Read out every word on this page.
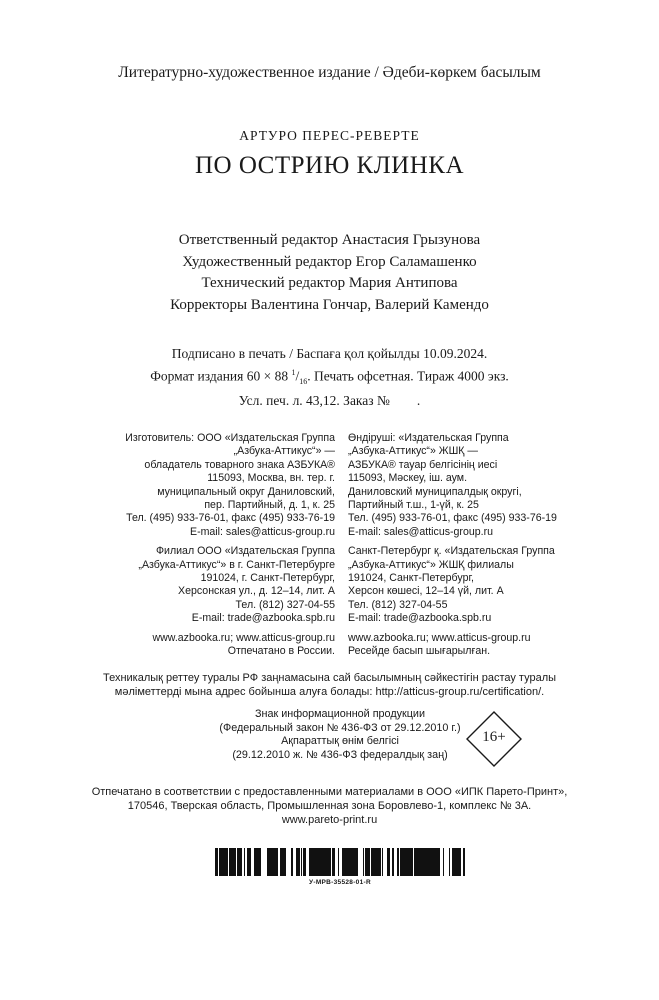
Литературно-художественное издание / Әдеби-көркем басылым
АРТУРО ПЕРЕС-РЕВЕРТЕ
ПО ОСТРИЮ КЛИНКА
Ответственный редактор Анастасия Грызунова
Художественный редактор Егор Саламашенко
Технический редактор Мария Антипова
Корректоры Валентина Гончар, Валерий Камендо
Подписано в печать / Баспаға қол қойылды 10.09.2024.
Формат издания 60 × 88 $^1/_{16}$. Печать офсетная. Тираж 4000 экз.
Усл. печ. л. 43,12. Заказ №        .
Изготовитель: ООО «Издательская Группа
„Азбука-Аттикус“» —
обладатель товарного знака АЗБУКА®
115093, Москва, вн. тер. г.
муниципальный округ Даниловский,
пер. Партийный, д. 1, к. 25
Тел. (495) 933-76-01, факс (495) 933-76-19
E-mail: sales@atticus-group.ru
Филиал ООО «Издательская Группа
„Азбука-Аттикус“» в г. Санкт-Петербурге
191024, г. Санкт-Петербург,
Херсонская ул., д. 12–14, лит. А
Тел. (812) 327-04-55
E-mail: trade@azbooka.spb.ru
www.azbooka.ru; www.atticus-group.ru
Отпечатано в России.
Өндіруші: «Издательская Группа
„Азбука-Аттикус“» ЖШҚ —
АЗБУКА® тауар белгісінің иесі
115093, Мәскеу, іш. аум.
Даниловский муниципалдық округі,
Партийный т.ш., 1-үй, к. 25
Тел. (495) 933-76-01, факс (495) 933-76-19
E-mail: sales@atticus-group.ru
Санкт-Петербург қ. «Издательская Группа
„Азбука-Аттикус“» ЖШҚ филиалы
191024, Санкт-Петербург,
Херсон көшесі, 12–14 үй, лит. А
Тел. (812) 327-04-55
E-mail: trade@azbooka.spb.ru
www.azbooka.ru; www.atticus-group.ru
Ресейде басып шығарылған.
Техникалық реттеу туралы РФ заңнамасына сай басылымның сәйкестігін растау туралы
мәліметтерді мына адрес бойынша алуға болады: http://atticus-group.ru/certification/.
Знак информационной продукции
(Федеральный закон № 436-ФЗ от 29.12.2010 г.)
Ақпараттық өнім белгісі
(29.12.2010 ж. № 436-ФЗ федералдық заң)
16+
Отпечатано в соответствии с предоставленными материалами в ООО «ИПК Парето-Принт»,
170546, Тверская область, Промышленная зона Боровлево-1, комплекс № 3А.
www.pareto-print.ru
У-МРВ-35528-01-R
